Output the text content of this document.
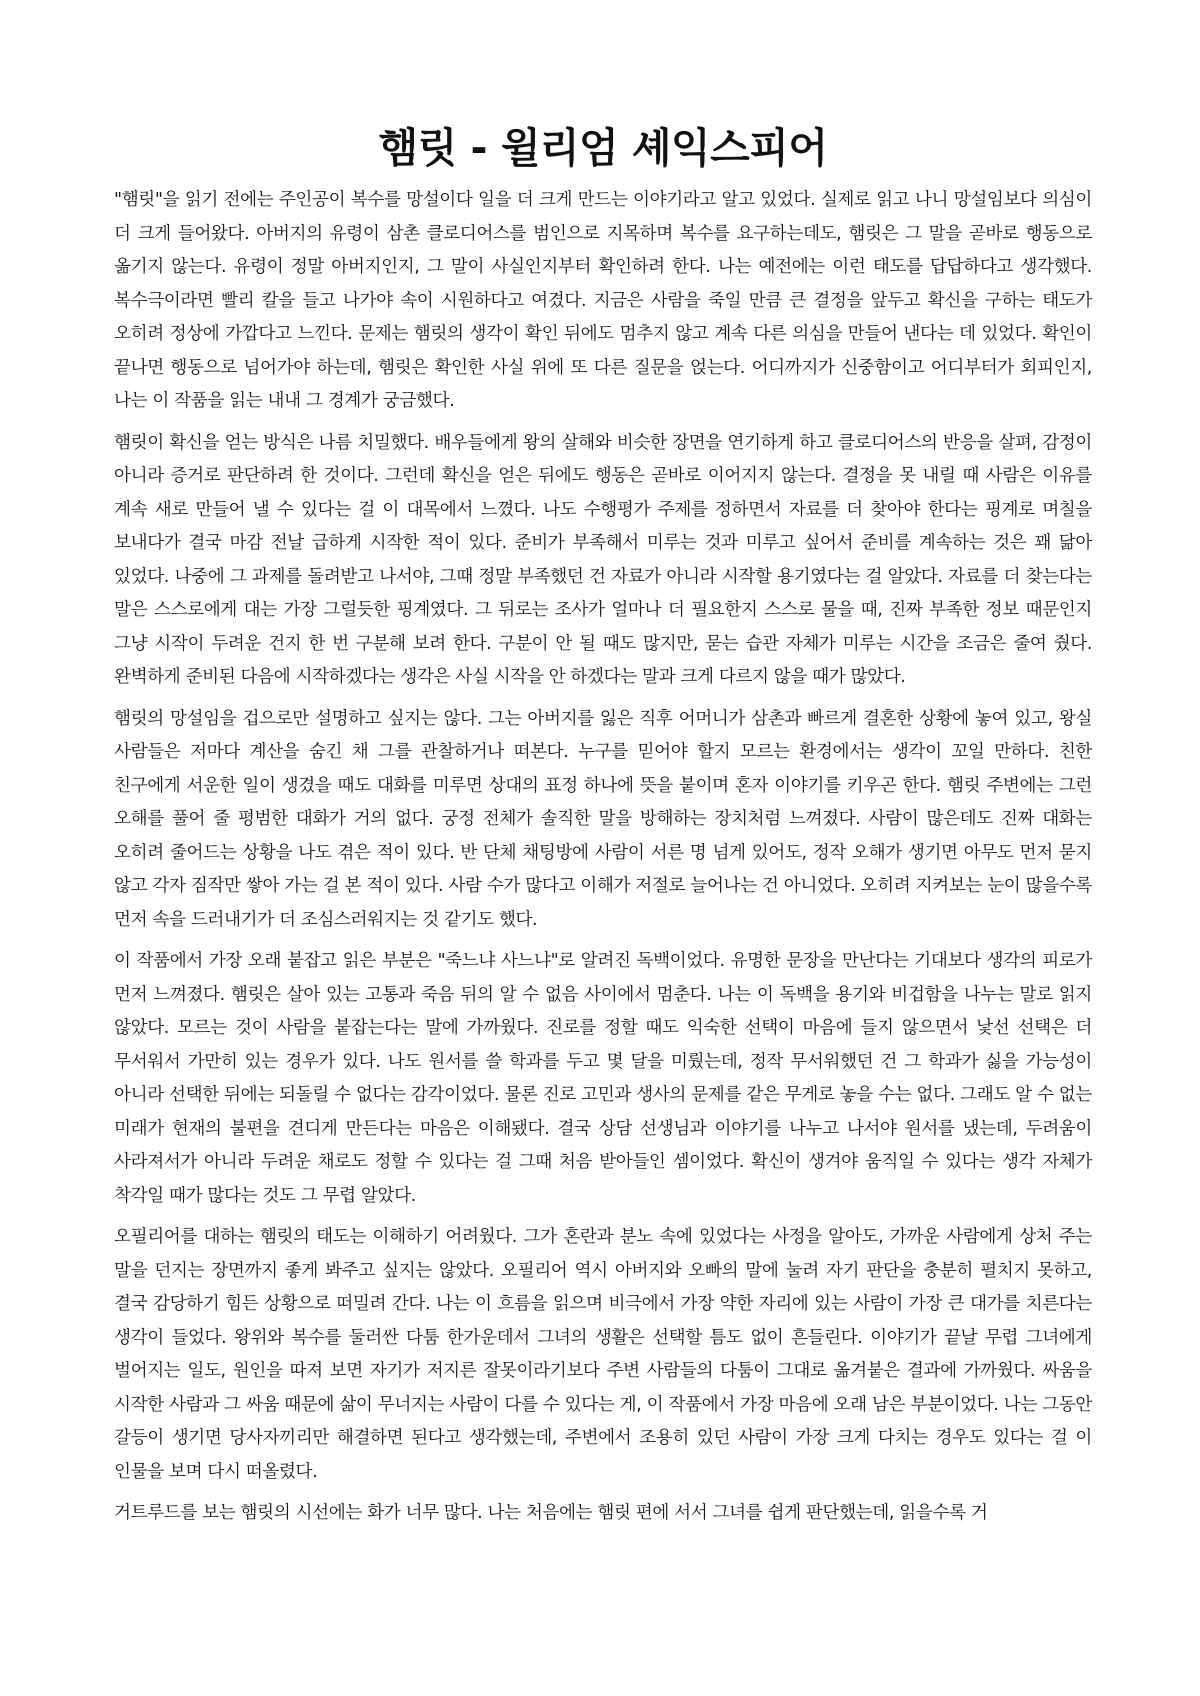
햄릿 - 윌리엄 셰익스피어

"햄릿"을 읽기 전에는 주인공이 복수를 망설이다 일을 더 크게 만드는 이야기라고 알고 있었다. 실제로 읽고 나니 망설임보다 의심이 더 크게 들어왔다. 아버지의 유령이 삼촌 클로디어스를 범인으로 지목하며 복수를 요구하는데도, 햄릿은 그 말을 곧바로 행동으로 옮기지 않는다. 유령이 정말 아버지인지, 그 말이 사실인지부터 확인하려 한다. 나는 예전에는 이런 태도를 답답하다고 생각했다. 복수극이라면 빨리 칼을 들고 나가야 속이 시원하다고 여겼다. 지금은 사람을 죽일 만큼 큰 결정을 앞두고 확신을 구하는 태도가 오히려 정상에 가깝다고 느낀다. 문제는 햄릿의 생각이 확인 뒤에도 멈추지 않고 계속 다른 의심을 만들어 낸다는 데 있었다. 확인이 끝나면 행동으로 넘어가야 하는데, 햄릿은 확인한 사실 위에 또 다른 질문을 얹는다. 어디까지가 신중함이고 어디부터가 회피인지, 나는 이 작품을 읽는 내내 그 경계가 궁금했다.

햄릿이 확신을 얻는 방식은 나름 치밀했다. 배우들에게 왕의 살해와 비슷한 장면을 연기하게 하고 클로디어스의 반응을 살펴, 감정이 아니라 증거로 판단하려 한 것이다. 그런데 확신을 얻은 뒤에도 행동은 곧바로 이어지지 않는다. 결정을 못 내릴 때 사람은 이유를 계속 새로 만들어 낼 수 있다는 걸 이 대목에서 느꼈다. 나도 수행평가 주제를 정하면서 자료를 더 찾아야 한다는 핑계로 며칠을 보내다가 결국 마감 전날 급하게 시작한 적이 있다. 준비가 부족해서 미루는 것과 미루고 싶어서 준비를 계속하는 것은 꽤 닮아 있었다. 나중에 그 과제를 돌려받고 나서야, 그때 정말 부족했던 건 자료가 아니라 시작할 용기였다는 걸 알았다. 자료를 더 찾는다는 말은 스스로에게 대는 가장 그럴듯한 핑계였다. 그 뒤로는 조사가 얼마나 더 필요한지 스스로 물을 때, 진짜 부족한 정보 때문인지 그냥 시작이 두려운 건지 한 번 구분해 보려 한다. 구분이 안 될 때도 많지만, 묻는 습관 자체가 미루는 시간을 조금은 줄여 줬다. 완벽하게 준비된 다음에 시작하겠다는 생각은 사실 시작을 안 하겠다는 말과 크게 다르지 않을 때가 많았다.

햄릿의 망설임을 겁으로만 설명하고 싶지는 않다. 그는 아버지를 잃은 직후 어머니가 삼촌과 빠르게 결혼한 상황에 놓여 있고, 왕실 사람들은 저마다 계산을 숨긴 채 그를 관찰하거나 떠본다. 누구를 믿어야 할지 모르는 환경에서는 생각이 꼬일 만하다. 친한 친구에게 서운한 일이 생겼을 때도 대화를 미루면 상대의 표정 하나에 뜻을 붙이며 혼자 이야기를 키우곤 한다. 햄릿 주변에는 그런 오해를 풀어 줄 평범한 대화가 거의 없다. 궁정 전체가 솔직한 말을 방해하는 장치처럼 느껴졌다. 사람이 많은데도 진짜 대화는 오히려 줄어드는 상황을 나도 겪은 적이 있다. 반 단체 채팅방에 사람이 서른 명 넘게 있어도, 정작 오해가 생기면 아무도 먼저 묻지 않고 각자 짐작만 쌓아 가는 걸 본 적이 있다. 사람 수가 많다고 이해가 저절로 늘어나는 건 아니었다. 오히려 지켜보는 눈이 많을수록 먼저 속을 드러내기가 더 조심스러워지는 것 같기도 했다.

이 작품에서 가장 오래 붙잡고 읽은 부분은 "죽느냐 사느냐"로 알려진 독백이었다. 유명한 문장을 만난다는 기대보다 생각의 피로가 먼저 느껴졌다. 햄릿은 살아 있는 고통과 죽음 뒤의 알 수 없음 사이에서 멈춘다. 나는 이 독백을 용기와 비겁함을 나누는 말로 읽지 않았다. 모르는 것이 사람을 붙잡는다는 말에 가까웠다. 진로를 정할 때도 익숙한 선택이 마음에 들지 않으면서 낯선 선택은 더 무서워서 가만히 있는 경우가 있다. 나도 원서를 쓸 학과를 두고 몇 달을 미뤘는데, 정작 무서워했던 건 그 학과가 싫을 가능성이 아니라 선택한 뒤에는 되돌릴 수 없다는 감각이었다. 물론 진로 고민과 생사의 문제를 같은 무게로 놓을 수는 없다. 그래도 알 수 없는 미래가 현재의 불편을 견디게 만든다는 마음은 이해됐다. 결국 상담 선생님과 이야기를 나누고 나서야 원서를 냈는데, 두려움이 사라져서가 아니라 두려운 채로도 정할 수 있다는 걸 그때 처음 받아들인 셈이었다. 확신이 생겨야 움직일 수 있다는 생각 자체가 착각일 때가 많다는 것도 그 무렵 알았다.

오필리어를 대하는 햄릿의 태도는 이해하기 어려웠다. 그가 혼란과 분노 속에 있었다는 사정을 알아도, 가까운 사람에게 상처 주는 말을 던지는 장면까지 좋게 봐주고 싶지는 않았다. 오필리어 역시 아버지와 오빠의 말에 눌려 자기 판단을 충분히 펼치지 못하고, 결국 감당하기 힘든 상황으로 떠밀려 간다. 나는 이 흐름을 읽으며 비극에서 가장 약한 자리에 있는 사람이 가장 큰 대가를 치른다는 생각이 들었다. 왕위와 복수를 둘러싼 다툼 한가운데서 그녀의 생활은 선택할 틈도 없이 흔들린다. 이야기가 끝날 무렵 그녀에게 벌어지는 일도, 원인을 따져 보면 자기가 저지른 잘못이라기보다 주변 사람들의 다툼이 그대로 옮겨붙은 결과에 가까웠다. 싸움을 시작한 사람과 그 싸움 때문에 삶이 무너지는 사람이 다를 수 있다는 게, 이 작품에서 가장 마음에 오래 남은 부분이었다. 나는 그동안 갈등이 생기면 당사자끼리만 해결하면 된다고 생각했는데, 주변에서 조용히 있던 사람이 가장 크게 다치는 경우도 있다는 걸 이 인물을 보며 다시 떠올렸다.

거트루드를 보는 햄릿의 시선에는 화가 너무 많다. 나는 처음에는 햄릿 편에 서서 그녀를 쉽게 판단했는데, 읽을수록 거
